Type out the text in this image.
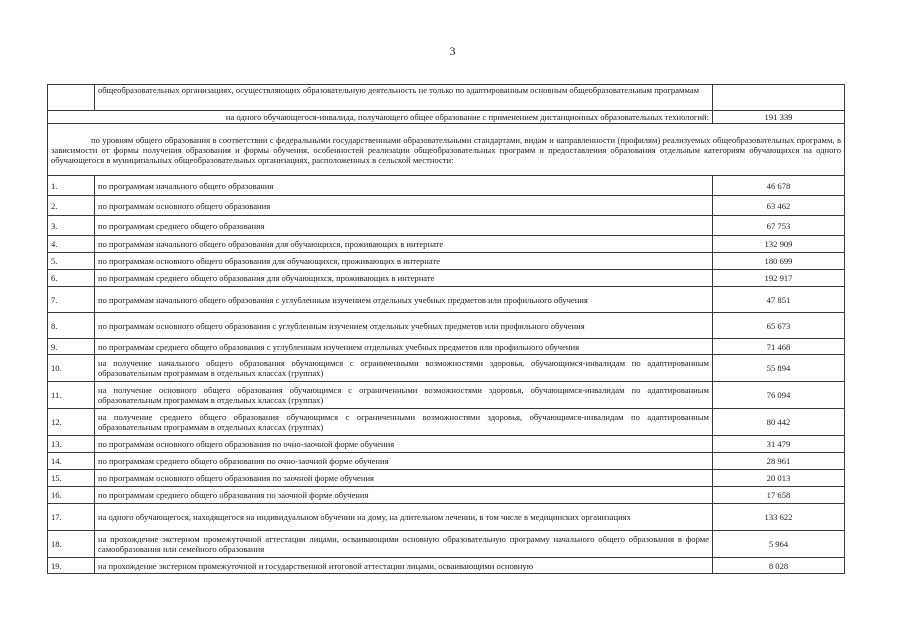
3
	общеобразовательных организациях, осуществляющих образовательную деятельность не только по адаптированным основным общеобразовательным программам	
на одного обучающегося-инвалида, получающего общее образование с применением дистанционных образовательных технологий:		191 339
по уровням общего образования в соответствии с федеральными государственными образовательными стандартами, видам и направленности (профилям) реализуемых общеобразовательных программ, в зависимости от формы получения образования и формы обучения, особенностей реализации общеобразовательных программ и предоставления образования отдельным категориям обучающихся на одного обучающегося в муниципальных общеобразовательных организациях, расположенных в сельской местности:		
1.	по программам начального общего образования	46 678
2.	по программам основного общего образования	63 462
3.	по программам среднего общего образования	67 753
4.	по программам начального общего образования для обучающихся, проживающих в интернате	132 909
5.	по программам основного общего образования для обучающихся, проживающих в интернате	180 699
6.	по программам среднего общего образования для обучающихся, проживающих в интернате	192 917
7.	по программам начального общего образования с углубленным изучением отдельных учебных предметов или профильного обучения	47 851
8.	по программам основного общего образования с углубленным изучением отдельных учебных предметов или профильного обучения	65 673
9.	по программам среднего общего образования с углубленным изучением отдельных учебных предметов или профильного обучения	71 468
10.	на получение начального общего образования обучающимся с ограниченными возможностями здоровья, обучающимся-инвалидам по адаптированным образовательным программам в отдельных классах (группах)	55 894
11.	на получение основного общего образования обучающимся с ограниченными возможностями здоровья, обучающимся-инвалидам по адаптированным образовательным программам в отдельных классах (группах)	76 094
12.	на получение среднего общего образования обучающимся с ограниченными возможностями здоровья, обучающимся-инвалидам по адаптированным образовательным программам в отдельных классах (группах)	80 442
13.	по программам основного общего образования по очно-заочной форме обучения	31 479
14.	по программам среднего общего образования по очно-заочной форме обучения	28 961
15.	по программам основного общего образования по заочной форме обучения	20 013
16.	по программам среднего общего образования по заочной форме обучения	17 658
17.	на одного обучающегося, находящегося на индивидуальном обучении на дому, на длительном лечении, в том числе в медицинских организациях	133 622
18.	на прохождение экстерном промежуточной аттестации лицами, осваивающими основную образовательную программу начального общего образования в форме самообразования или семейного образования	5 964
19.	на прохождение экстерном промежуточной и государственной итоговой аттестации лицами, осваивающими основную	8 028
